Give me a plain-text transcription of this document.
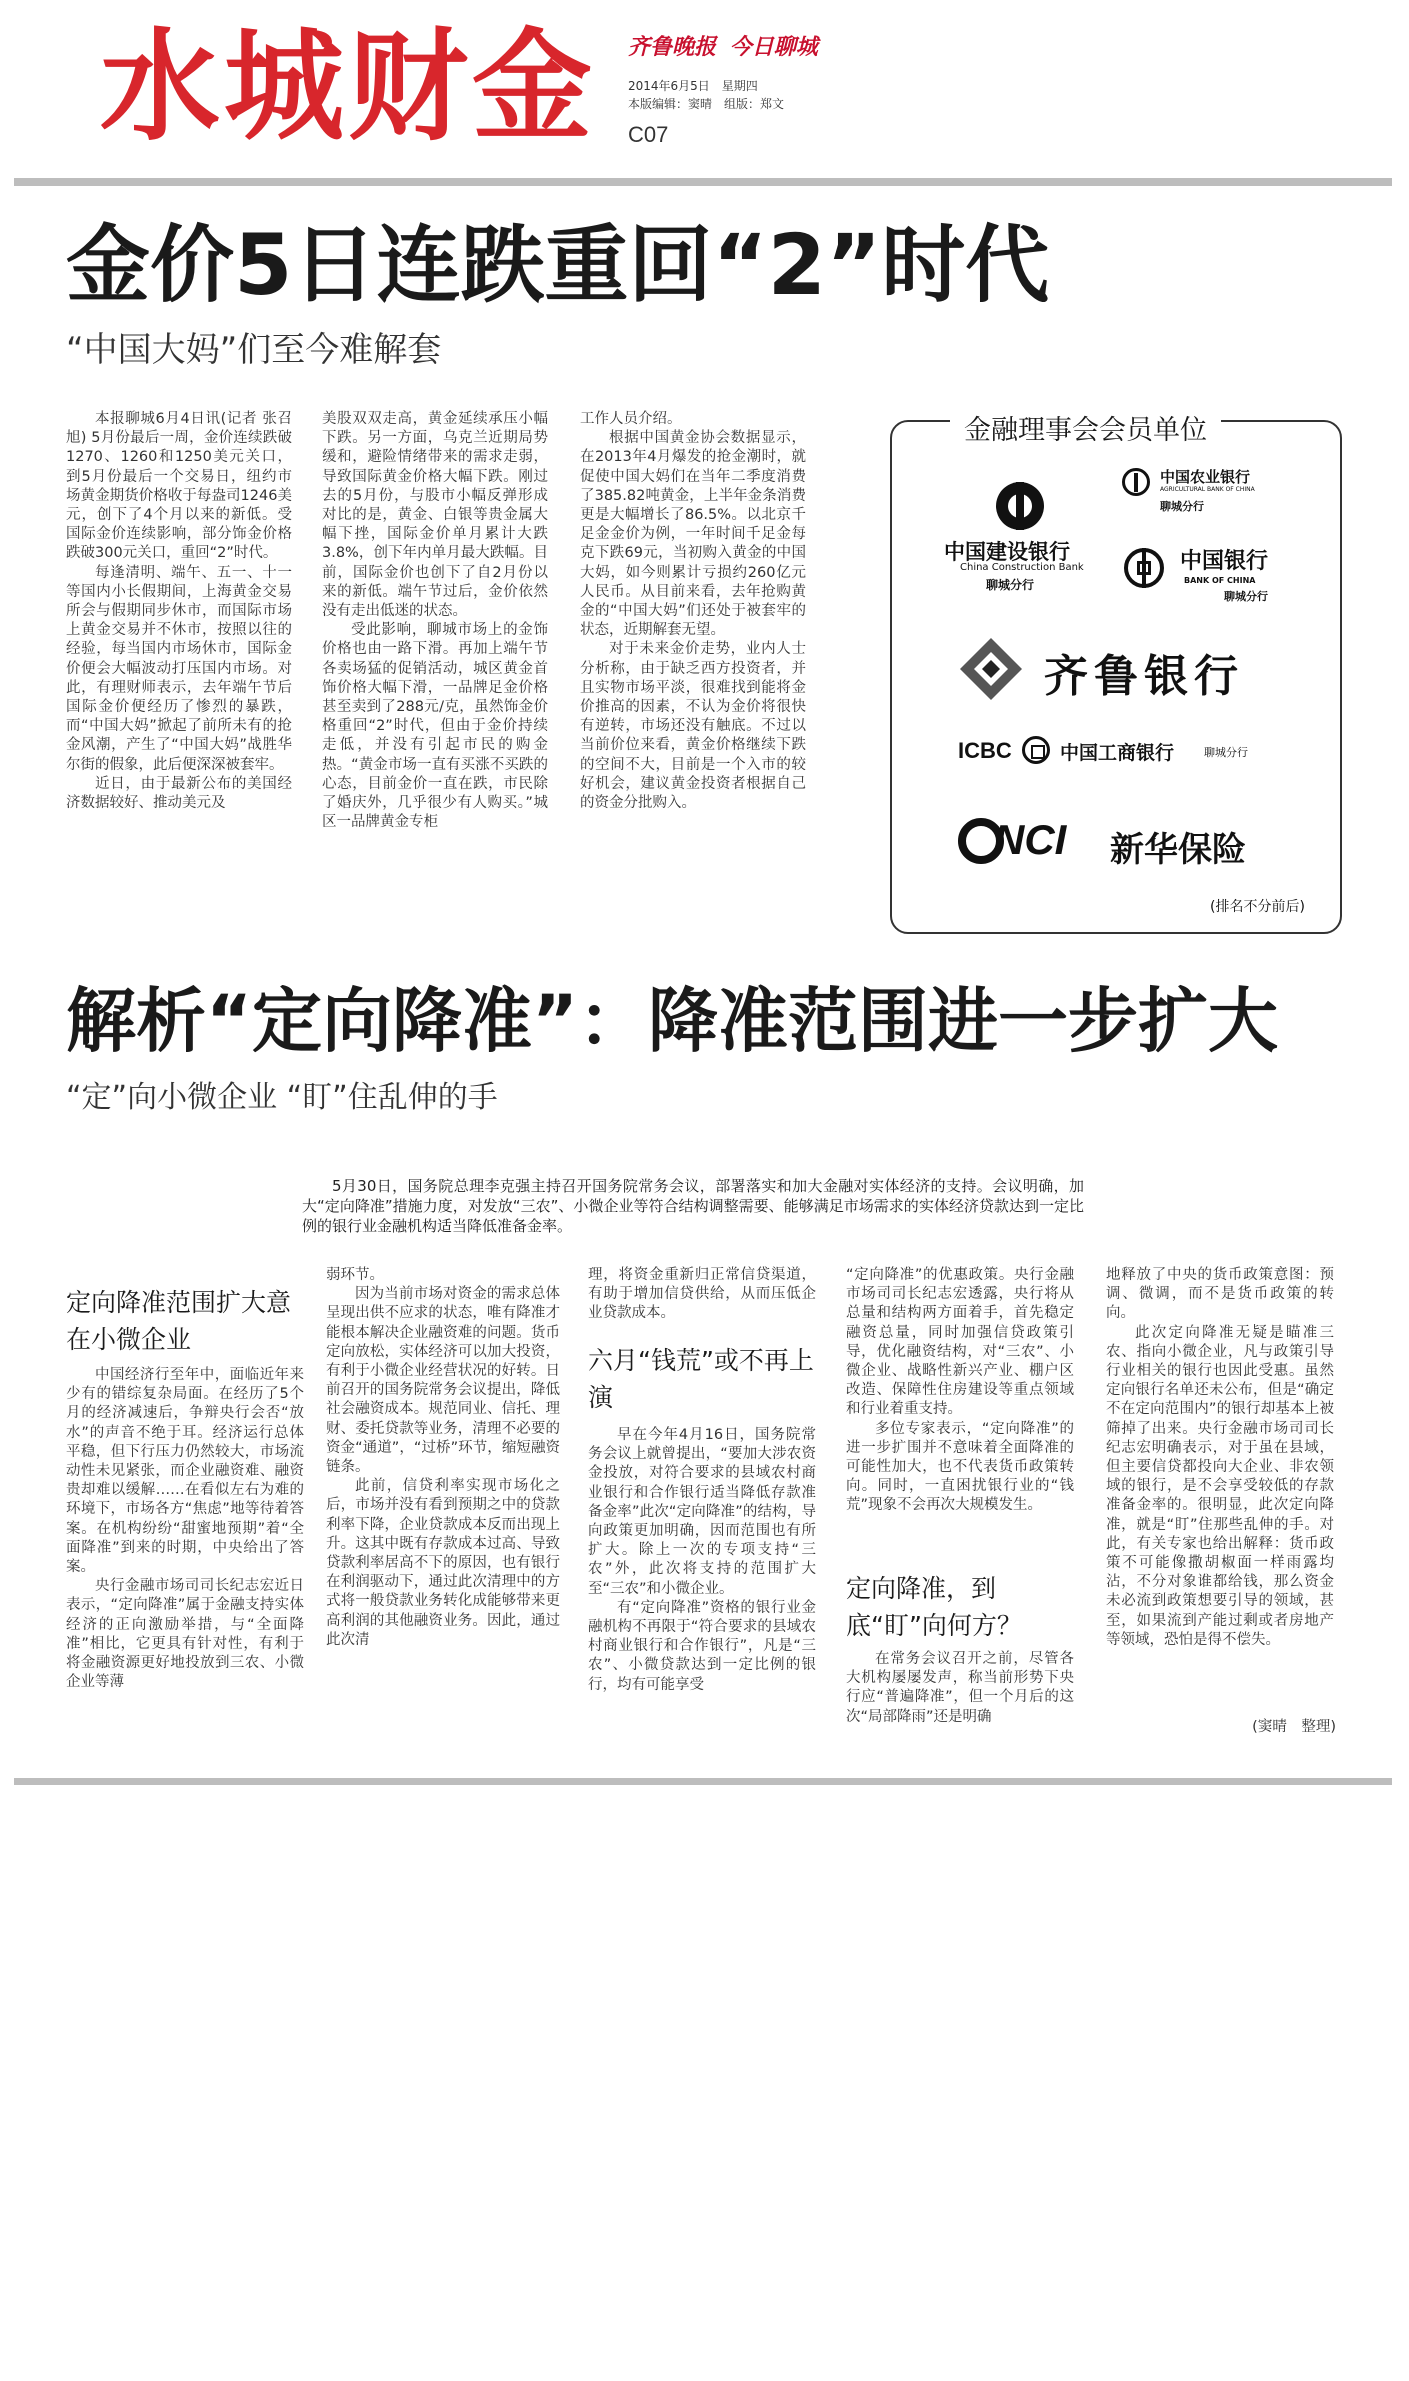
水城财金 齐鲁晚报 今日聊城
2014年6月5日　星期四
本版编辑：窦晴　组版：郑文
C07
金价5日连跌重回“2”时代
“中国大妈”们至今难解套

本报聊城6月4日讯(记者 张召旭) 5月份最后一周，金价连续跌破1270、1260和1250美元关口，到5月份最后一个交易日，纽约市场黄金期货价格收于每盎司1246美元，创下了4个月以来的新低。受国际金价连续影响，部分饰金价格跌破300元关口，重回“2”时代。

每逢清明、端午、五一、十一等国内小长假期间，上海黄金交易所会与假期同步休市，而国际市场上黄金交易并不休市，按照以往的经验，每当国内市场休市，国际金价便会大幅波动打压国内市场。对此，有理财师表示，去年端午节后国际金价便经历了惨烈的暴跌，而“中国大妈”掀起了前所未有的抢金风潮，产生了“中国大妈”战胜华尔街的假象，此后便深深被套牢。

近日，由于最新公布的美国经济数据较好、推动美元及

美股双双走高，黄金延续承压小幅下跌。另一方面，乌克兰近期局势缓和，避险情绪带来的需求走弱，导致国际黄金价格大幅下跌。刚过去的5月份，与股市小幅反弹形成对比的是，黄金、白银等贵金属大幅下挫，国际金价单月累计大跌3.8%，创下年内单月最大跌幅。目前，国际金价也创下了自2月份以来的新低。端午节过后，金价依然没有走出低迷的状态。

受此影响，聊城市场上的金饰价格也由一路下滑。再加上端午节各卖场猛的促销活动，城区黄金首饰价格大幅下滑，一品牌足金价格甚至卖到了288元/克，虽然饰金价格重回“2”时代，但由于金价持续走低，并没有引起市民的购金热。“黄金市场一直有买涨不买跌的心态，目前金价一直在跌，市民除了婚庆外，几乎很少有人购买。”城区一品牌黄金专柜

工作人员介绍。

根据中国黄金协会数据显示，在2013年4月爆发的抢金潮时，就促使中国大妈们在当年二季度消费了385.82吨黄金，上半年金条消费更是大幅增长了86.5%。以北京千足金金价为例，一年时间千足金每克下跌69元，当初购入黄金的中国大妈，如今则累计亏损约260亿元人民币。从目前来看，去年抢购黄金的“中国大妈”们还处于被套牢的状态，近期解套无望。

对于未来金价走势，业内人士分析称，由于缺乏西方投资者，并且实物市场平淡，很难找到能将金价推高的因素，不认为金价将很快有逆转，市场还没有触底。不过以当前价位来看，黄金价格继续下跌的空间不大，目前是一个入市的较好机会，建议黄金投资者根据自己的资金分批购入。

金融理事会会员单位
中国建设银行
China Construction Bank
聊城分行
中国农业银行
AGRICULTURAL BANK OF CHINA
聊城分行
中国银行
BANK OF CHINA
聊城分行
齐鲁银行
ICBC	中国工商银行	聊城分行
NCI 新华保险
(排名不分前后)
解析“定向降准”：降准范围进一步扩大
“定”向小微企业 “盯”住乱伸的手

5月30日，国务院总理李克强主持召开国务院常务会议，部署落实和加大金融对实体经济的支持。会议明确，加大“定向降准”措施力度，对发放“三农”、小微企业等符合结构调整需要、能够满足市场需求的实体经济贷款达到一定比例的银行业金融机构适当降低准备金率。

定向降准范围扩大意在小微企业

中国经济行至年中，面临近年来少有的错综复杂局面。在经历了5个月的经济减速后，争辩央行会否“放水”的声音不绝于耳。经济运行总体平稳，但下行压力仍然较大，市场流动性未见紧张，而企业融资难、融资贵却难以缓解……在看似左右为难的环境下，市场各方“焦虑”地等待着答案。在机构纷纷“甜蜜地预期”着“全面降准”到来的时期，中央给出了答案。

央行金融市场司司长纪志宏近日表示，“定向降准”属于金融支持实体经济的正向激励举措，与“全面降准”相比，它更具有针对性，有利于将金融资源更好地投放到三农、小微企业等薄

弱环节。

因为当前市场对资金的需求总体呈现出供不应求的状态，唯有降准才能根本解决企业融资难的问题。货币定向放松，实体经济可以加大投资，有利于小微企业经营状况的好转。日前召开的国务院常务会议提出，降低社会融资成本。规范同业、信托、理财、委托贷款等业务，清理不必要的资金“通道”，“过桥”环节，缩短融资链条。

此前，信贷利率实现市场化之后，市场并没有看到预期之中的贷款利率下降，企业贷款成本反而出现上升。这其中既有存款成本过高、导致贷款利率居高不下的原因，也有银行在利润驱动下，通过此次清理中的方式将一般贷款业务转化成能够带来更高利润的其他融资业务。因此，通过此次清

理，将资金重新归正常信贷渠道，有助于增加信贷供给，从而压低企业贷款成本。

六月“钱荒”或不再上演

早在今年4月16日，国务院常务会议上就曾提出，“要加大涉农资金投放，对符合要求的县域农村商业银行和合作银行适当降低存款准备金率”此次“定向降准”的结构，导向政策更加明确，因而范围也有所扩大。除上一次的专项支持“三农”外，此次将支持的范围扩大至“三农”和小微企业。

有“定向降准”资格的银行业金融机构不再限于“符合要求的县域农村商业银行和合作银行”，凡是“三农”、小微贷款达到一定比例的银行，均有可能享受

“定向降准”的优惠政策。央行金融市场司司长纪志宏透露，央行将从总量和结构两方面着手，首先稳定融资总量，同时加强信贷政策引导，优化融资结构，对“三农”、小微企业、战略性新兴产业、棚户区改造、保障性住房建设等重点领域和行业着重支持。

多位专家表示，“定向降准”的进一步扩围并不意味着全面降准的可能性加大，也不代表货币政策转向。同时，一直困扰银行业的“钱荒”现象不会再次大规模发生。

定向降准，到底“盯”向何方？

在常务会议召开之前，尽管各大机构屡屡发声，称当前形势下央行应“普遍降准”，但一个月后的这次“局部降雨”还是明确

地释放了中央的货币政策意图：预调、微调，而不是货币政策的转向。

此次定向降准无疑是瞄准三农、指向小微企业，凡与政策引导行业相关的银行也因此受惠。虽然定向银行名单还未公布，但是“确定不在定向范围内”的银行却基本上被筛掉了出来。央行金融市场司司长纪志宏明确表示，对于虽在县域，但主要信贷都投向大企业、非农领域的银行，是不会享受较低的存款准备金率的。很明显，此次定向降准，就是“盯”住那些乱伸的手。对此，有关专家也给出解释：货币政策不可能像撒胡椒面一样雨露均沾，不分对象谁都给钱，那么资金未必流到政策想要引导的领域，甚至，如果流到产能过剩或者房地产等领域，恐怕是得不偿失。

(窦晴　整理)
